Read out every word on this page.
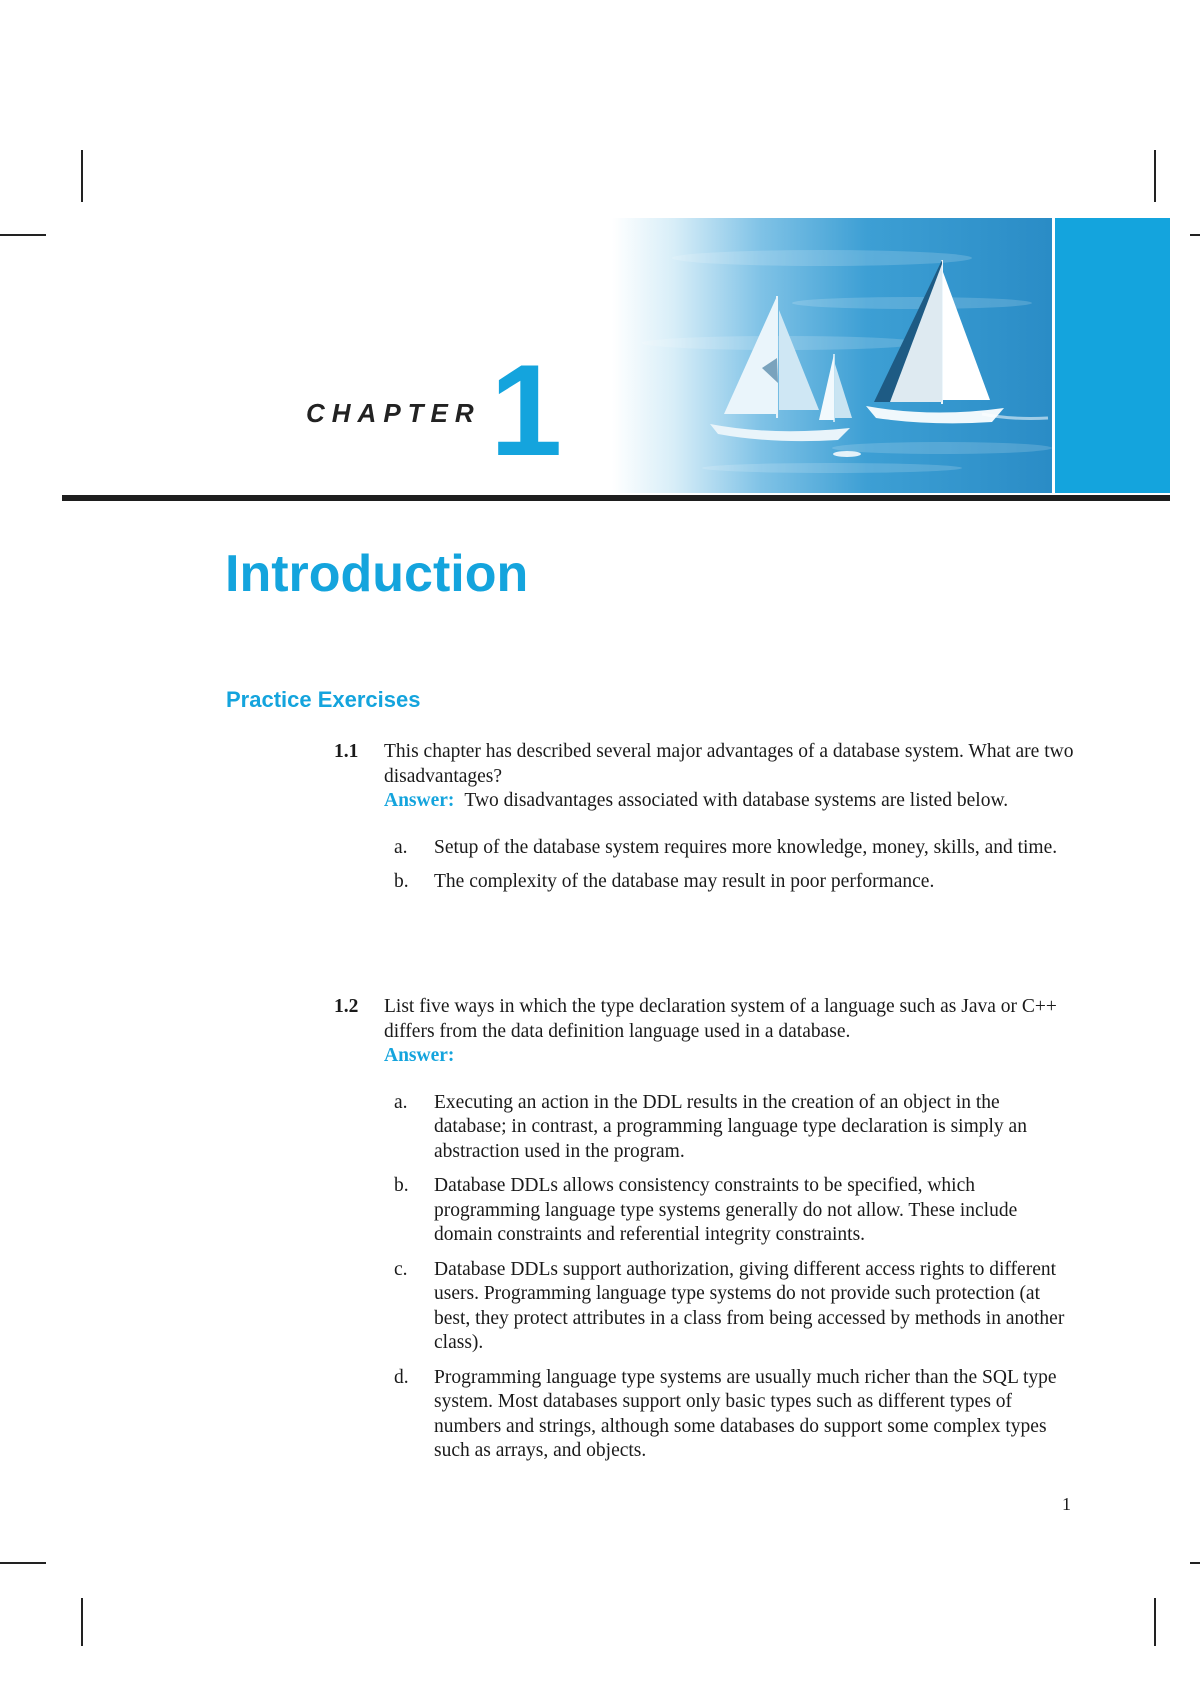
CHAPTER 1
Introduction
Practice Exercises
1.1 This chapter has described several major advantages of a database system. What are two disadvantages?
Answer: Two disadvantages associated with database systems are listed below.
a. Setup of the database system requires more knowledge, money, skills, and time.
b. The complexity of the database may result in poor performance.
1.2 List five ways in which the type declaration system of a language such as Java or C++ differs from the data definition language used in a database.
Answer:
a. Executing an action in the DDL results in the creation of an object in the database; in contrast, a programming language type declaration is simply an abstraction used in the program.
b. Database DDLs allows consistency constraints to be specified, which programming language type systems generally do not allow. These include domain constraints and referential integrity constraints.
c. Database DDLs support authorization, giving different access rights to different users. Programming language type systems do not provide such protection (at best, they protect attributes in a class from being accessed by methods in another class).
d. Programming language type systems are usually much richer than the SQL type system. Most databases support only basic types such as different types of numbers and strings, although some databases do support some complex types such as arrays, and objects.
1
